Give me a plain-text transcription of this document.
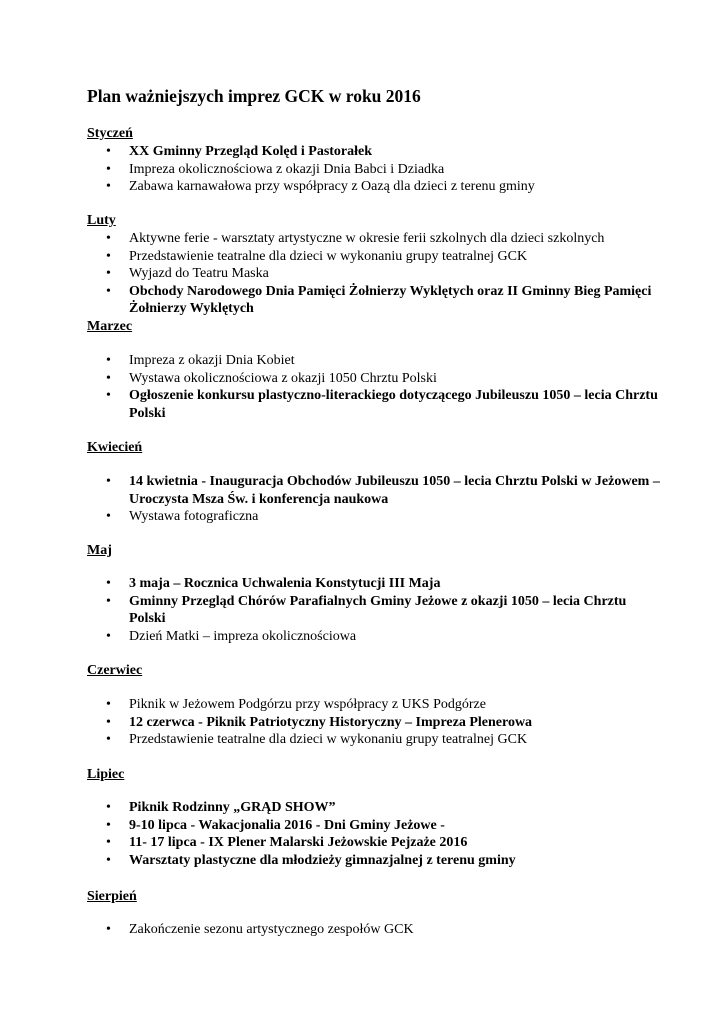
Plan ważniejszych imprez GCK w roku 2016
Styczeń
• XX Gminny Przegląd Kolęd i Pastorałek
• Impreza okolicznościowa z okazji Dnia Babci i Dziadka
• Zabawa karnawałowa przy współpracy z Oazą dla dzieci z terenu gminy
Luty
• Aktywne ferie - warsztaty artystyczne w okresie ferii szkolnych dla dzieci szkolnych
• Przedstawienie teatralne dla dzieci w wykonaniu grupy teatralnej GCK
• Wyjazd do Teatru Maska
• Obchody Narodowego Dnia Pamięci Żołnierzy Wyklętych oraz II Gminny Bieg Pamięci Żołnierzy Wyklętych
Marzec
• Impreza z okazji Dnia Kobiet
• Wystawa okolicznościowa z okazji 1050 Chrztu Polski
• Ogłoszenie konkursu plastyczno-literackiego dotyczącego Jubileuszu 1050 – lecia Chrztu Polski
Kwiecień
• 14 kwietnia - Inauguracja Obchodów Jubileuszu 1050 – lecia Chrztu Polski w Jeżowem – Uroczysta Msza Św. i konferencja naukowa
• Wystawa fotograficzna
Maj
• 3 maja – Rocznica Uchwalenia Konstytucji III Maja
• Gminny Przegląd Chórów Parafialnych Gminy Jeżowe z okazji 1050 – lecia Chrztu Polski
• Dzień Matki – impreza okolicznościowa
Czerwiec
• Piknik w Jeżowem Podgórzu przy współpracy z UKS Podgórze
• 12 czerwca - Piknik Patriotyczny Historyczny – Impreza Plenerowa
• Przedstawienie teatralne dla dzieci w wykonaniu grupy teatralnej GCK
Lipiec
• Piknik Rodzinny „GRĄD SHOW”
• 9-10 lipca - Wakacjonalia 2016 - Dni Gminy Jeżowe -
• 11- 17 lipca - IX Plener Malarski Jeżowskie Pejzaże 2016
• Warsztaty plastyczne dla młodzieży gimnazjalnej z terenu gminy
Sierpień
• Zakończenie sezonu artystycznego zespołów GCK
